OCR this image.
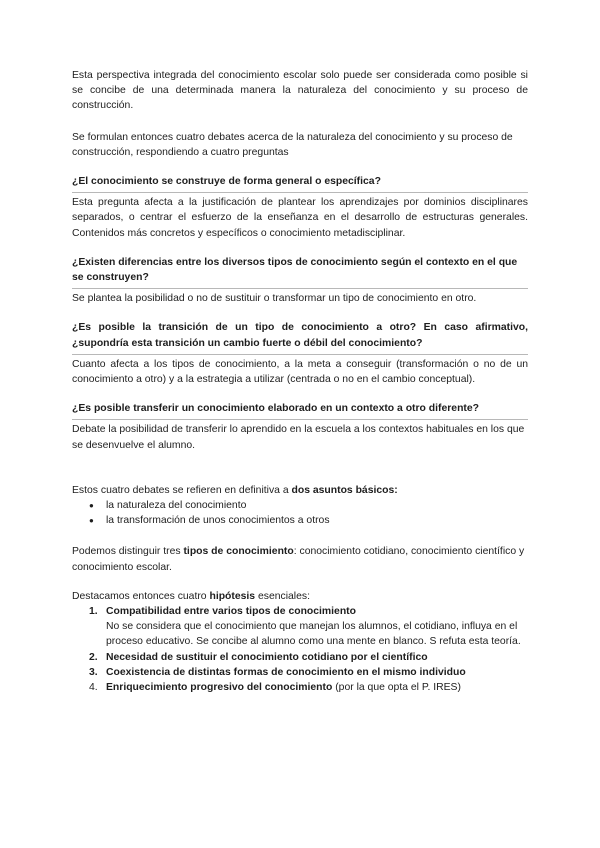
Esta perspectiva integrada del conocimiento escolar solo puede ser considerada como posible si se concibe de una determinada manera la naturaleza del conocimiento y su proceso de construcción.

Se formulan entonces cuatro debates acerca de la naturaleza del conocimiento y su proceso de construcción, respondiendo a cuatro preguntas

¿El conocimiento se construye de forma general o específica?

Esta pregunta afecta a la justificación de plantear los aprendizajes por dominios disciplinares separados, o centrar el esfuerzo de la enseñanza en el desarrollo de estructuras generales. Contenidos más concretos y específicos o conocimiento metadisciplinar.

¿Existen diferencias entre los diversos tipos de conocimiento según el contexto en el que se construyen?

Se plantea la posibilidad o no de sustituir o transformar un tipo de conocimiento en otro.

¿Es posible la transición de un tipo de conocimiento a otro? En caso afirmativo, ¿supondría esta transición un cambio fuerte o débil del conocimiento?

Cuanto afecta a los tipos de conocimiento, a la meta a conseguir (transformación o no de un conocimiento a otro) y a la estrategia a utilizar (centrada o no en el cambio conceptual).

¿Es posible transferir un conocimiento elaborado en un contexto a otro diferente?

Debate la posibilidad de transferir lo aprendido en la escuela a los contextos habituales en los que se desenvuelve el alumno.

Estos cuatro debates se refieren en definitiva a dos asuntos básicos:

● la naturaleza del conocimiento
● la transformación de unos conocimientos a otros

Podemos distinguir tres tipos de conocimiento: conocimiento cotidiano, conocimiento científico y conocimiento escolar.

Destacamos entonces cuatro hipótesis esenciales:

1. Compatibilidad entre varios tipos de conocimiento

No se considera que el conocimiento que manejan los alumnos, el cotidiano, influya en el proceso educativo. Se concibe al alumno como una mente en blanco. S refuta esta teoría.

2. Necesidad de sustituir el conocimiento cotidiano por el científico
3. Coexistencia de distintas formas de conocimiento en el mismo individuo
4. Enriquecimiento progresivo del conocimiento (por la que opta el P. IRES)
